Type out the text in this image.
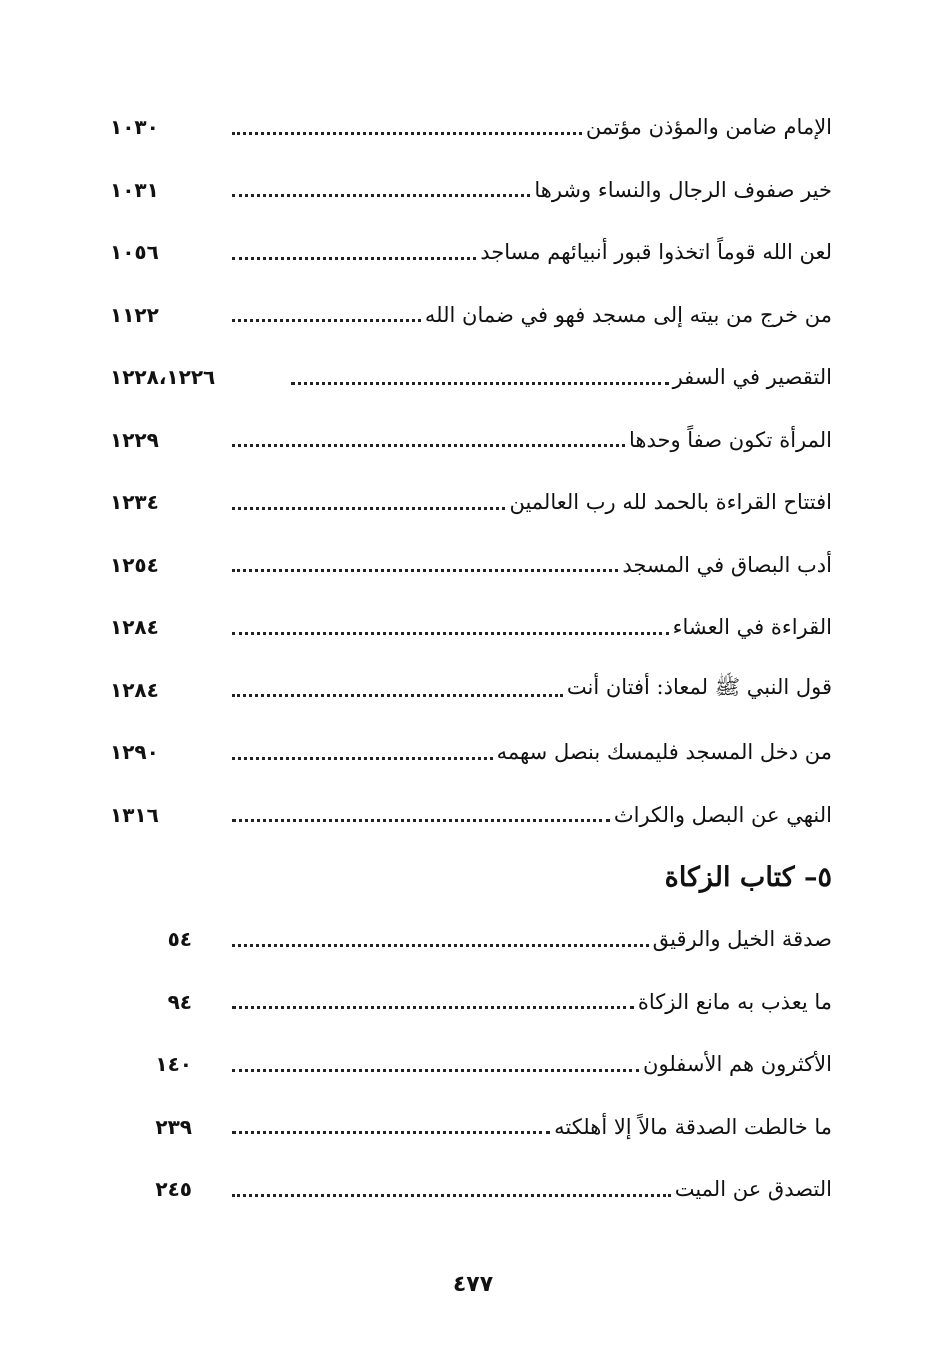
الإمام ضامن والمؤذن مؤتمن
١٠٣٠
خير صفوف الرجال والنساء وشرها
١٠٣١
لعن الله قوماً اتخذوا قبور أنبيائهم مساجد
١٠٥٦
من خرج من بيته إلى مسجد فهو في ضمان الله
١١٢٢
التقصير في السفر
١٢٢٨،١٢٢٦
المرأة تكون صفاً وحدها
١٢٢٩
افتتاح القراءة بالحمد لله رب العالمين
١٢٣٤
أدب البصاق في المسجد
١٢٥٤
القراءة في العشاء
١٢٨٤
قول النبي ﷺ لمعاذ: أفتان أنت
١٢٨٤
من دخل المسجد فليمسك بنصل سهمه
١٢٩٠
النهي عن البصل والكراث
١٣١٦
٥– كتاب الزكاة
صدقة الخيل والرقيق
٥٤
ما يعذب به مانع الزكاة
٩٤
الأكثرون هم الأسفلون
١٤٠
ما خالطت الصدقة مالاً إلا أهلكته
٢٣٩
التصدق عن الميت
٢٤٥
٤٧٧
